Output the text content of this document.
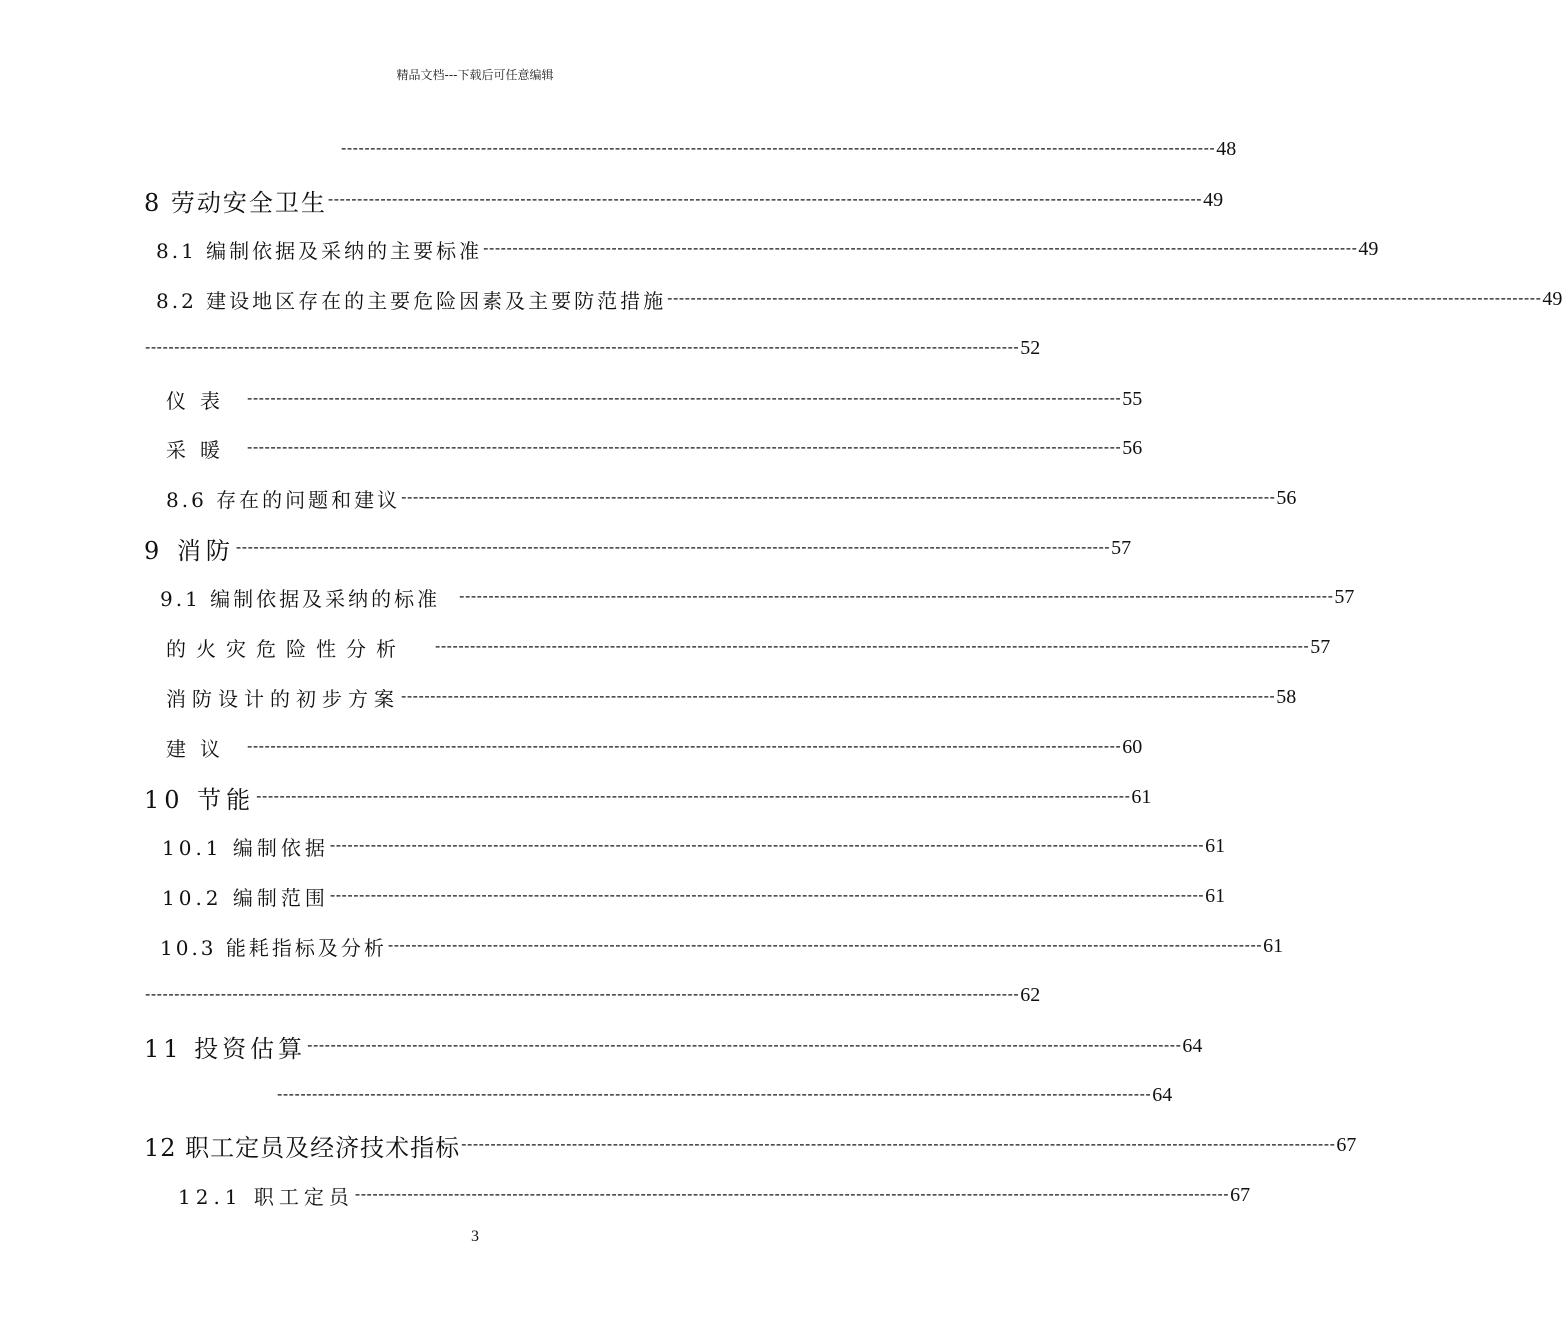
精品文档---下载后可任意编辑
------------------------------------------------------------------------------------------------------------------------------------------------------ 48
8 劳动安全卫生 ------------------------------------------------------------------------------------------------------------------------------------------------------ 49
8.1 编制依据及采纳的主要标准 ------------------------------------------------------------------------------------------------------------------------------------------------------ 49
8.2 建设地区存在的主要危险因素及主要防范措施 ------------------------------------------------------------------------------------------------------------------------------------------------------ 49
------------------------------------------------------------------------------------------------------------------------------------------------------ 52
仪表 ------------------------------------------------------------------------------------------------------------------------------------------------------ 55
采暖 ------------------------------------------------------------------------------------------------------------------------------------------------------ 56
8.6 存在的问题和建议 ------------------------------------------------------------------------------------------------------------------------------------------------------ 56
9 消防 ------------------------------------------------------------------------------------------------------------------------------------------------------ 57
9.1 编制依据及采纳的标准 ------------------------------------------------------------------------------------------------------------------------------------------------------ 57
的火灾危险性分析 ------------------------------------------------------------------------------------------------------------------------------------------------------ 57
消防设计的初步方案 ------------------------------------------------------------------------------------------------------------------------------------------------------ 58
建议 ------------------------------------------------------------------------------------------------------------------------------------------------------ 60
10 节能 ------------------------------------------------------------------------------------------------------------------------------------------------------ 61
10.1 编制依据 ------------------------------------------------------------------------------------------------------------------------------------------------------ 61
10.2 编制范围 ------------------------------------------------------------------------------------------------------------------------------------------------------ 61
10.3 能耗指标及分析 ------------------------------------------------------------------------------------------------------------------------------------------------------ 61
------------------------------------------------------------------------------------------------------------------------------------------------------ 62
11 投资估算 ------------------------------------------------------------------------------------------------------------------------------------------------------ 64
------------------------------------------------------------------------------------------------------------------------------------------------------ 64
12 职工定员及经济技术指标 ------------------------------------------------------------------------------------------------------------------------------------------------------ 67
12.1 职工定员 ------------------------------------------------------------------------------------------------------------------------------------------------------ 67
3
